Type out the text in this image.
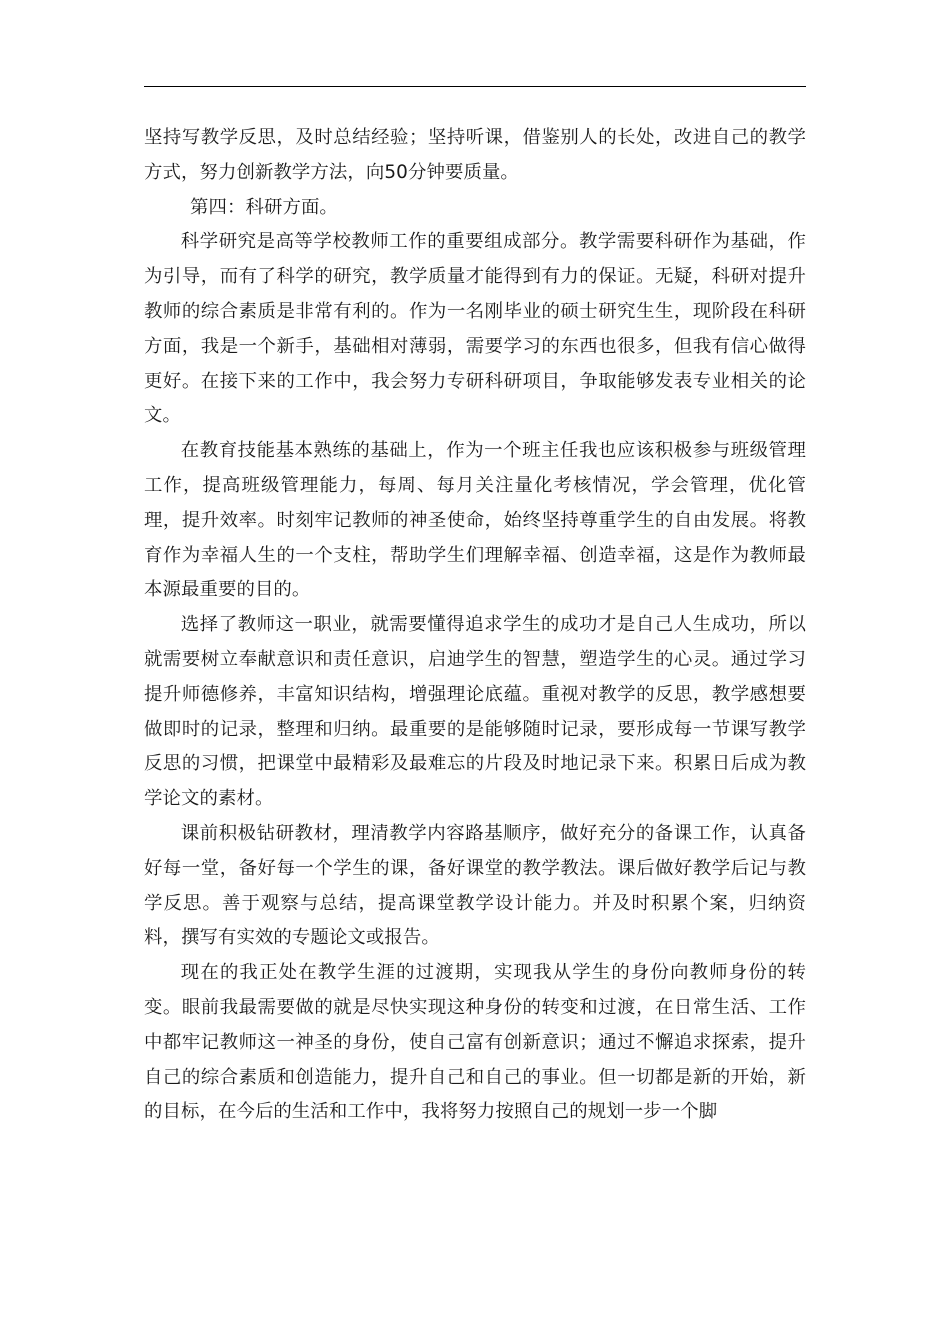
坚持写教学反思，及时总结经验；坚持听课，借鉴别人的长处，改进自己的教学方式，努力创新教学方法，向50分钟要质量。

第四：科研方面。

科学研究是高等学校教师工作的重要组成部分。教学需要科研作为基础，作为引导，而有了科学的研究，教学质量才能得到有力的保证。无疑，科研对提升教师的综合素质是非常有利的。作为一名刚毕业的硕士研究生生，现阶段在科研方面，我是一个新手，基础相对薄弱，需要学习的东西也很多，但我有信心做得更好。在接下来的工作中，我会努力专研科研项目，争取能够发表专业相关的论文。

在教育技能基本熟练的基础上，作为一个班主任我也应该积极参与班级管理工作，提高班级管理能力，每周、每月关注量化考核情况，学会管理，优化管理，提升效率。时刻牢记教师的神圣使命，始终坚持尊重学生的自由发展。将教育作为幸福人生的一个支柱，帮助学生们理解幸福、创造幸福，这是作为教师最本源最重要的目的。

选择了教师这一职业，就需要懂得追求学生的成功才是自己人生成功，所以就需要树立奉献意识和责任意识，启迪学生的智慧，塑造学生的心灵。通过学习提升师德修养，丰富知识结构，增强理论底蕴。重视对教学的反思，教学感想要做即时的记录，整理和归纳。最重要的是能够随时记录，要形成每一节课写教学反思的习惯，把课堂中最精彩及最难忘的片段及时地记录下来。积累日后成为教学论文的素材。

课前积极钻研教材，理清教学内容路基顺序，做好充分的备课工作，认真备好每一堂，备好每一个学生的课，备好课堂的教学教法。课后做好教学后记与教学反思。善于观察与总结，提高课堂教学设计能力。并及时积累个案，归纳资料，撰写有实效的专题论文或报告。

现在的我正处在教学生涯的过渡期，实现我从学生的身份向教师身份的转变。眼前我最需要做的就是尽快实现这种身份的转变和过渡，在日常生活、工作中都牢记教师这一神圣的身份，使自己富有创新意识；通过不懈追求探索，提升自己的综合素质和创造能力，提升自己和自己的事业。但一切都是新的开始，新的目标，在今后的生活和工作中，我将努力按照自己的规划一步一个脚
